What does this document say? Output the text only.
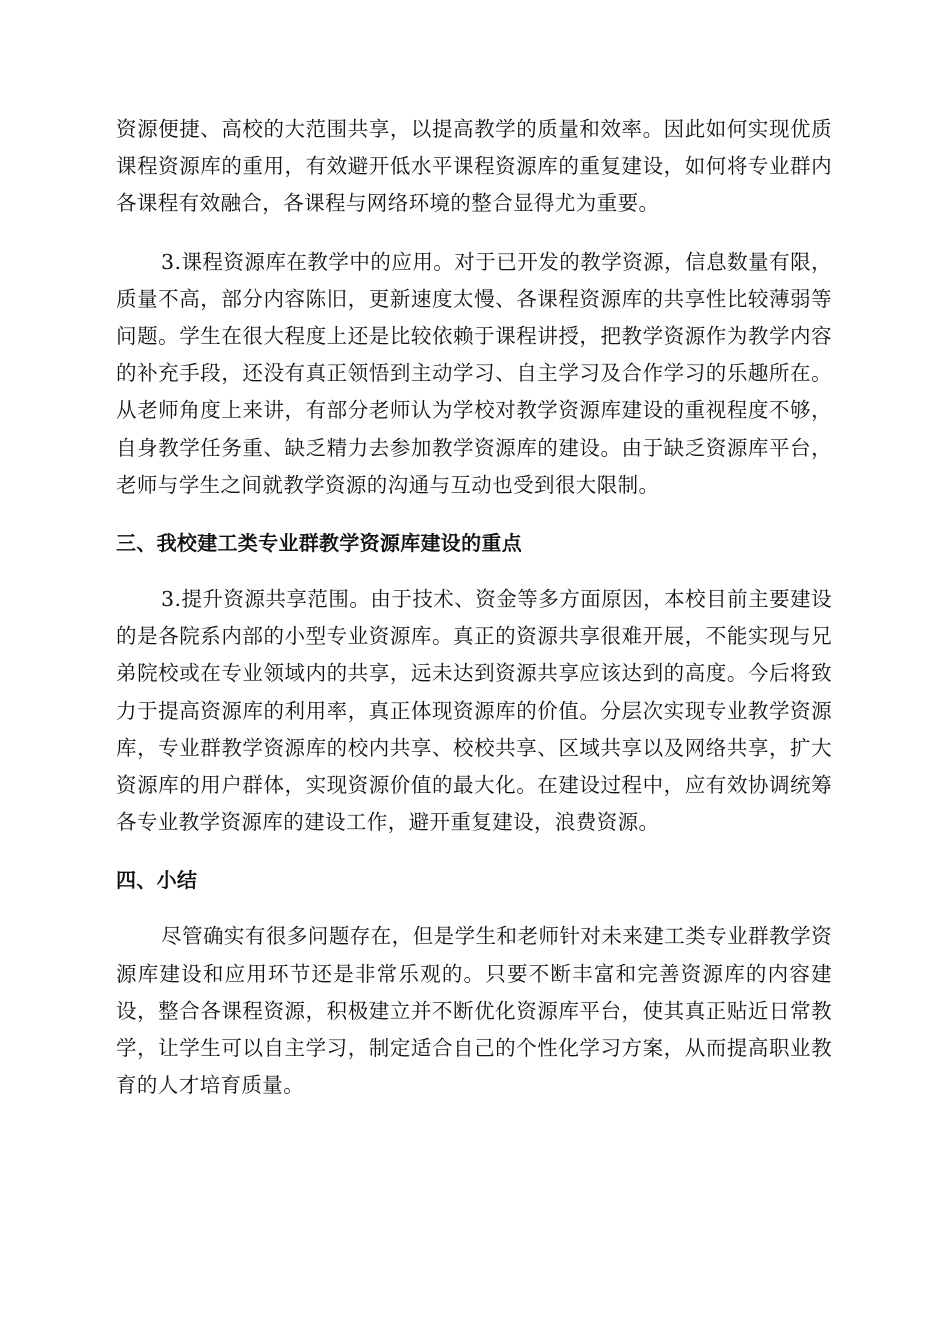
资源便捷、高校的大范围共享，以提高教学的质量和效率。因此如何实现优质课程资源库的重用，有效避开低水平课程资源库的重复建设，如何将专业群内各课程有效融合，各课程与网络环境的整合显得尤为重要。

3.课程资源库在教学中的应用。对于已开发的教学资源，信息数量有限，质量不高，部分内容陈旧，更新速度太慢、各课程资源库的共享性比较薄弱等问题。学生在很大程度上还是比较依赖于课程讲授，把教学资源作为教学内容的补充手段，还没有真正领悟到主动学习、自主学习及合作学习的乐趣所在。从老师角度上来讲，有部分老师认为学校对教学资源库建设的重视程度不够，自身教学任务重、缺乏精力去参加教学资源库的建设。由于缺乏资源库平台，老师与学生之间就教学资源的沟通与互动也受到很大限制。

三、我校建工类专业群教学资源库建设的重点

3.提升资源共享范围。由于技术、资金等多方面原因，本校目前主要建设的是各院系内部的小型专业资源库。真正的资源共享很难开展，不能实现与兄弟院校或在专业领域内的共享，远未达到资源共享应该达到的高度。今后将致力于提高资源库的利用率，真正体现资源库的价值。分层次实现专业教学资源库，专业群教学资源库的校内共享、校校共享、区域共享以及网络共享，扩大资源库的用户群体，实现资源价值的最大化。在建设过程中，应有效协调统筹各专业教学资源库的建设工作，避开重复建设，浪费资源。

四、小结

尽管确实有很多问题存在，但是学生和老师针对未来建工类专业群教学资源库建设和应用环节还是非常乐观的。只要不断丰富和完善资源库的内容建设，整合各课程资源，积极建立并不断优化资源库平台，使其真正贴近日常教学，让学生可以自主学习，制定适合自己的个性化学习方案，从而提高职业教育的人才培育质量。
